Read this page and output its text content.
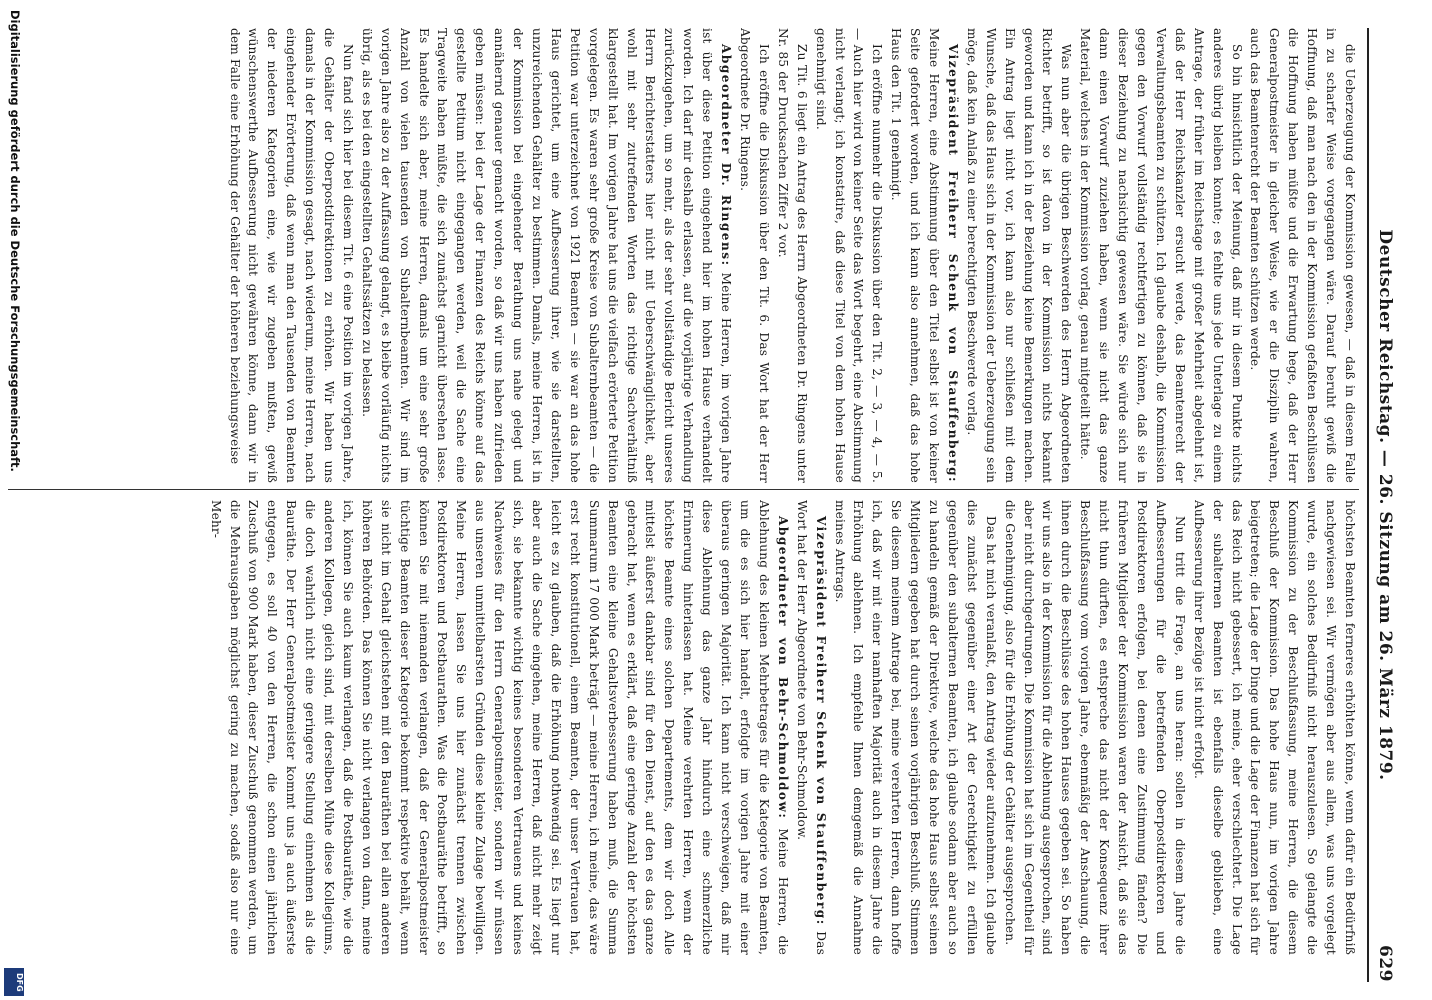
Deutscher Reichstag. — 26. Sitzung am 26. März 1879.
629

die Ueberzeugung der Kommission gewesen, — daß in diesem Falle in zu scharfer Weise vorgegangen wäre. Darauf beruht gewiß die Hoffnung, daß man nach den in der Kommission gefaßten Beschlüssen die Hoffnung haben müßte und die Erwartung hege, daß der Herr Generalpostmeister in gleicher Weise, wie er die Disziplin wahren, auch das Beamtenrecht der Beamten schützen werde.

So bin hinsichtlich der Meinung, daß mir in diesem Punkte nichts anderes übrig bleiben konnte; es fehlte uns jede Unterlage zu einem Antrage, der früher im Reichstage mit großer Mehrheit abgelehnt ist, daß der Herr Reichskanzler ersucht werde, das Beamtenrecht der Verwaltungsbeamten zu schützen. Ich glaube deshalb, die Kommission gegen den Vorwurf vollständig rechtfertigen zu können, daß sie in dieser Beziehung zu nachsichtig gewesen wäre. Sie würde sich nur dann einen Vorwurf zuziehen haben, wenn sie nicht das ganze Material, welches in der Kommission vorlag, genau mitgeteilt hätte.

Was nun aber die übrigen Beschwerden des Herrn Abgeordneten Richter betrifft, so ist davon in der Kommission nichts bekannt geworden und kann ich in der Beziehung keine Bemerkungen machen. Ein Antrag liegt nicht vor, ich kann also nur schließen mit dem Wunsche, daß das Haus sich in der Kommission der Ueberzeugung sein möge, daß kein Anlaß zu einer berechtigten Beschwerde vorlag.

Vizepräsident Freiherr Schenk von Stauffenberg: Meine Herren, eine Abstimmung über den Titel selbst ist von keiner Seite gefordert worden, und ich kann also annehmen, daß das hohe Haus den Tit. 1 genehmigt.

Ich eröffne nunmehr die Diskussion über den Tit. 2, — 3, — 4, — 5. — Auch hier wird von keiner Seite das Wort begehrt, eine Abstimmung nicht verlangt; ich konstatire, daß diese Titel von dem hohen Hause genehmigt sind.

Zu Tit. 6 liegt ein Antrag des Herrn Abgeordneten Dr. Ringens unter Nr. 85 der Drucksachen Ziffer 2 vor.

Ich eröffne die Diskussion über den Tit. 6. Das Wort hat der Herr Abgeordnete Dr. Ringens.

Abgeordneter Dr. Ringens: Meine Herren, im vorigen Jahre ist über diese Petition eingehend hier im hohen Hause verhandelt worden. Ich darf mir deshalb erlassen, auf die vorjährige Verhandlung zurückzugehen, um so mehr, als der sehr vollständige Bericht unseres Herrn Berichterstatters hier nicht mit Ueberschwänglichkeit, aber wohl mit sehr zutreffenden Worten das richtige Sachverhältniß klargestellt hat. Im vorigen Jahre hat uns die vielfach erörterte Petition vorgelegen. Es waren sehr große Kreise von Subalternbeamten — die Petition war unterzeichnet von 1921 Beamten — sie war an das hohe Haus gerichtet, um eine Aufbesserung ihrer, wie sie darstellten, unzureichenden Gehälter zu bestimmen. Damals, meine Herren, ist in der Kommission bei eingehender Berathung uns nahe gelegt und annähernd genauer gemacht worden, so daß wir uns haben zufrieden geben müssen: bei der Lage der Finanzen des Reichs könne auf das gestellte Petitum nicht eingegangen werden, weil die Sache eine Tragweite haben müßte, die sich zunächst garnicht übersehen lasse. Es handelte sich aber, meine Herren, damals um eine sehr große Anzahl von vielen tausenden von Subalternbeamten. Wir sind im vorigen Jahre also zu der Auffassung gelangt, es bleibe vorläufig nichts übrig, als es bei den eingestellten Gehaltssätzen zu belassen.

Nun fand sich hier bei diesem Tit. 6 eine Position im vorigen Jahre, die Gehälter der Oberpostdirektionen zu erhöhen. Wir haben uns damals in der Kommission gesagt, nach wiederum, meine Herren, nach eingehender Erörterung, daß wenn man den Tausenden von Beamten der niederen Kategorien eine, wie wir zugeben mußten, gewiß wünschenswerthe Aufbesserung nicht gewähren könne, dann wir in dem Falle eine Erhöhung der Gehälter der höheren beziehungsweise

höchsten Beamten ferneres erhöhten könne, wenn dafür ein Bedürfniß nachgewiesen sei. Wir vermögen aber aus allem, was uns vorgelegt wurde, ein solches Bedürfniß nicht herauszulesen. So gelangte die Kommission zu der Beschlußfassung, meine Herren, die diesem Beschluß der Kommission. Das hohe Haus nun, im vorigen Jahre beigetreten; die Lage der Dinge und die Lage der Finanzen hat sich für das Reich nicht gebessert, ich meine, eher verschlechtert. Die Lage der subalternen Beamten ist ebenfalls dieselbe geblieben, eine Aufbesserung ihrer Bezüge ist nicht erfolgt.

Nun tritt die Frage, an uns heran: sollen in diesem Jahre die Aufbesserungen für die betreffenden Oberpostdirektoren und Postdirektoren erfolgen, bei denen eine Zustimmung fänden? Die früheren Mitglieder der Kommission waren der Ansicht, daß sie das nicht thun dürften, es entspreche das nicht der Konsequenz ihrer Beschlußfassung vom vorigen Jahre, ebenmäßig der Anschauung, die ihnen durch die Beschlüsse des hohen Hauses gegeben sei. So haben wir uns also in der Kommission für die Ablehnung ausgesprochen, sind aber nicht durchgedrungen. Die Kommission hat sich im Gegentheil für die Genehmigung, also für die Erhöhung der Gehälter ausgesprochen.

Das hat mich veranlaßt, den Antrag wieder aufzunehmen. Ich glaube dies zunächst gegenüber einer Art der Gerechtigkeit zu erfüllen gegenüber den subalternen Beamten, ich glaube sodann aber auch so zu handeln gemäß der Direktive, welche das hohe Haus selbst seinen Mitgliedern gegeben hat durch seinen vorjährigen Beschluß. Stimmen Sie diesem meinem Antrage bei, meine verehrten Herren, dann hoffe ich, daß wir mit einer namhaften Majorität auch in diesem Jahre die Erhöhung ablehnen. Ich empfehle Ihnen demgemäß die Annahme meines Antrags.

Vizepräsident Freiherr Schenk von Stauffenberg: Das Wort hat der Herr Abgeordnete von Behr-Schmoldow.

Abgeordneter von Behr-Schmoldow: Meine Herren, die Ablehnung des kleinen Mehrbetrages für die Kategorie von Beamten, um die es sich hier handelt, erfolgte im vorigen Jahre mit einer überaus geringen Majorität. Ich kann nicht verschweigen, daß mir diese Ablehnung das ganze Jahr hindurch eine schmerzliche Erinnerung hinterlassen hat. Meine verehrten Herren, wenn der höchste Beamte eines solchen Departements, dem wir doch Alle mittelst äußerst dankbar sind für den Dienst, auf den es das ganze gebracht hat, wenn es erklärt, daß eine geringe Anzahl der höchsten Beamten eine kleine Gehaltsverbesserung haben muß, die Summa Summarum 17 000 Mark beträgt — meine Herren, ich meine, das wäre erst recht konstitutionell, einem Beamten, der unser Vertrauen hat, leicht es zu glauben, daß die Erhöhung nothwendig sei. Es liegt nur aber auch die Sache eingehen, meine Herren, daß nicht mehr zeigt sich, sie bekannte wichtig keines besonderen Vertrauens und keines Nachweises für den Herrn Generalpostmeister, sondern wir müssen aus unseren unmittelbarsten Gründen diese kleine Zulage bewilligen. Meine Herren, lassen Sie uns hier zunächst trennen zwischen Postdirektoren und Postbaurathen. Was die Postbauräthe betrifft, so können Sie mit niemanden verlangen, daß der Generalpostmeister tüchtige Beamten dieser Kategorie bekommt respektive behält, wenn sie nicht im Gehalt gleichstehen mit den Bauräthen bei allen anderen höheren Behörden. Das können Sie nicht verlangen von dann, meine ich, können Sie auch kaum verlangen, daß die Postbauräthe, wie die anderen Kollegen, gleich sind, mit derselben Mühe diese Kollegiums, die doch wahrlich nicht eine geringere Stellung einnehmen als die Bauräthe. Der Herr Generalpostmeister kommt uns ja auch äußerste entgegen, es soll 40 von den Herren, die schon einen jährlichen Zuschuß von 900 Mark haben, dieser Zuschuß genommen werden, um die Mehrausgaben möglichst gering zu machen, sodaß also nur eine Mehr-

Digitalisierung gefördert durch die Deutsche Forschungsgemeinschaft.
DFG
